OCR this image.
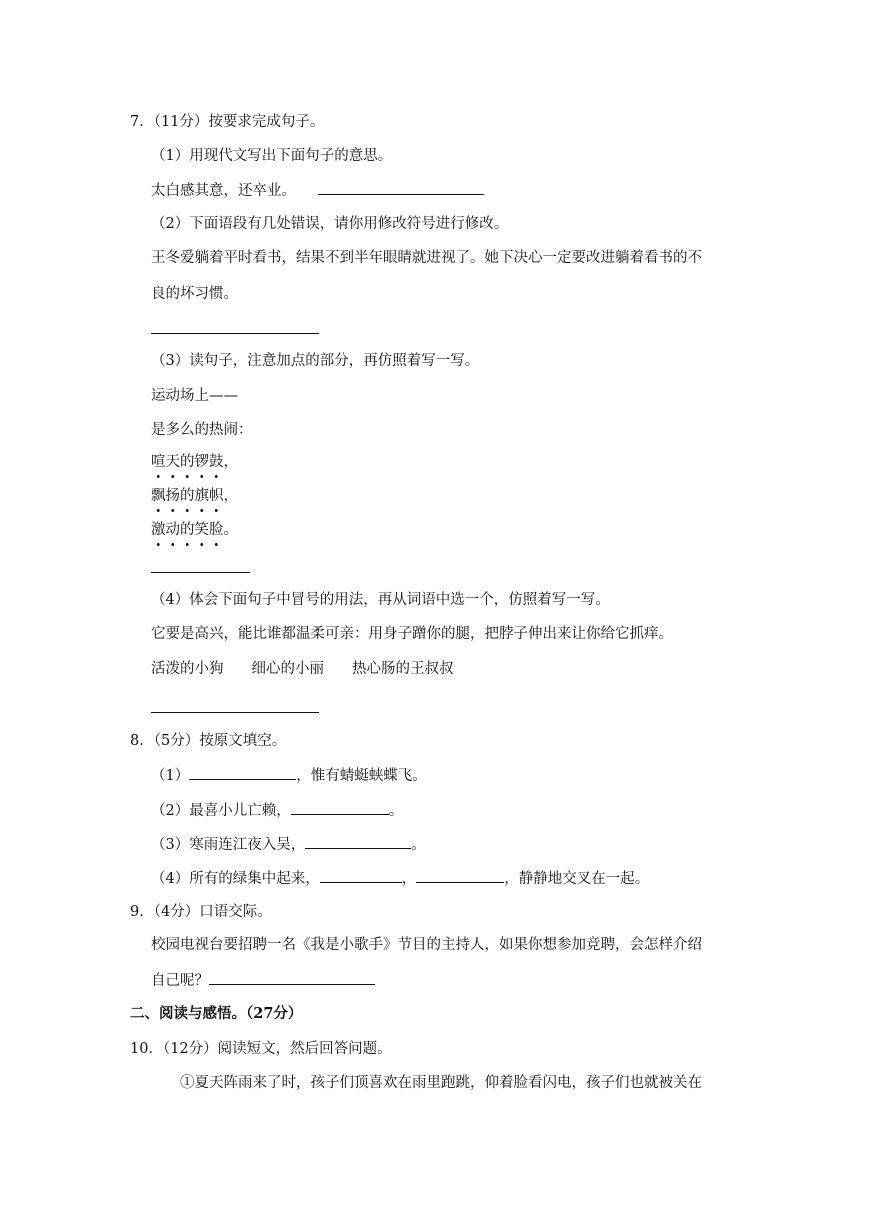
7．（11分）按要求完成句子。
（1）用现代文写出下面句子的意思。
太白感其意，还卒业。
（2）下面语段有几处错误，请你用修改符号进行修改。
王冬爱躺着平时看书，结果不到半年眼睛就进视了。她下决心一定要改进躺着看书的不
良的坏习惯。
（3）读句子，注意加点的部分，再仿照着写一写。
运动场上——
是多么的热闹：
喧天的锣鼓，
飘扬的旗帜，
激动的笑脸。
（4）体会下面句子中冒号的用法，再从词语中选一个，仿照着写一写。
它要是高兴，能比谁都温柔可亲：用身子蹭你的腿，把脖子伸出来让你给它抓痒。
活泼的小狗 细心的小丽 热心肠的王叔叔
8．（5分）按原文填空。
（1）	，惟有蜻蜓蛱蝶飞。
（2）最喜小儿亡赖，	。
（3）寒雨连江夜入吴，	。
（4）所有的绿集中起来，	，	，静静地交叉在一起。
9．（4分）口语交际。
校园电视台要招聘一名《我是小歌手》节目的主持人，如果你想参加竞聘，会怎样介绍
自己呢？
二、阅读与感悟。（27分）
10．（12分）阅读短文，然后回答问题。
①夏天阵雨来了时，孩子们顶喜欢在雨里跑跳，仰着脸看闪电，孩子们也就被关在
